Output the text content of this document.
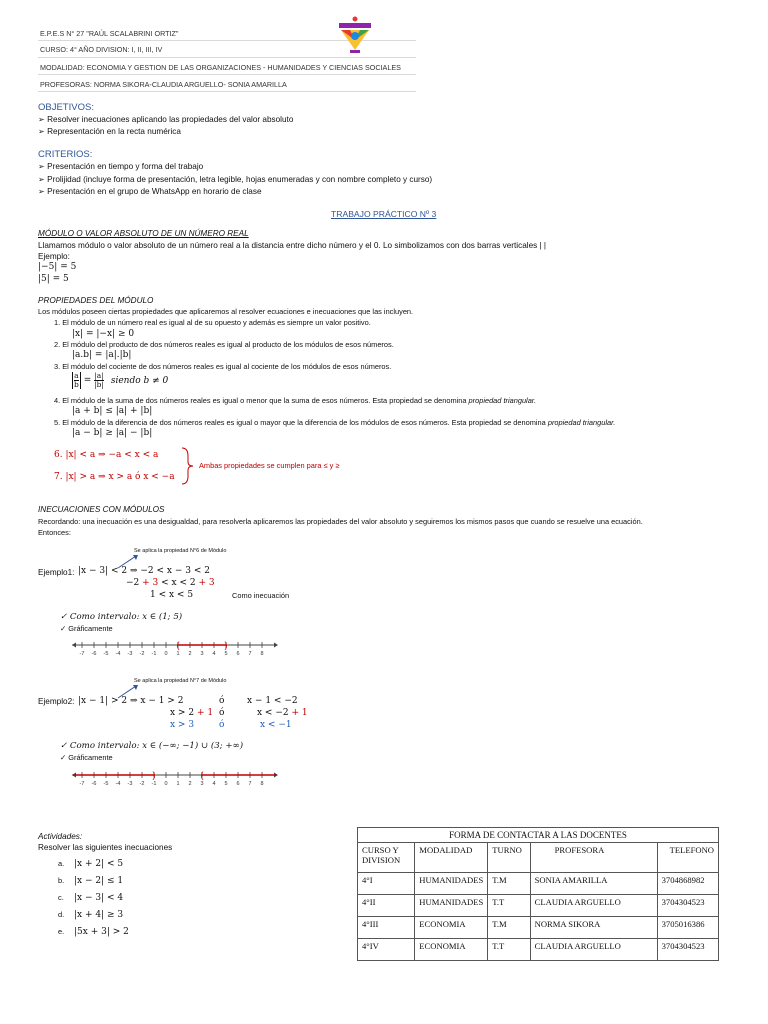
E.P.E.S N° 27 "RAÚL SCALABRINI ORTIZ"
CURSO: 4° AÑO DIVISION: I, II, III, IV
MODALIDAD: ECONOMIA Y GESTION DE LAS ORGANIZACIONES - HUMANIDADES Y CIENCIAS SOCIALES
PROFESORAS: NORMA SIKORA-CLAUDIA ARGUELLO- SONIA AMARILLA
OBJETIVOS:
➢ Resolver inecuaciones aplicando las propiedades del valor absoluto
➢ Representación en la recta numérica
CRITERIOS:
➢ Presentación en tiempo y forma del trabajo
➢ Prolijidad (incluye forma de presentación, letra legible, hojas enumeradas y con nombre completo y curso)
➢ Presentación en el grupo de WhatsApp en horario de clase
TRABAJO PRÁCTICO Nº 3
MÓDULO O VALOR ABSOLUTO DE UN NÚMERO REAL
Llamamos módulo o valor absoluto de un número real a la distancia entre dicho número y el 0. Lo simbolizamos con dos barras verticales | |
Ejemplo:
|−5| = 5
|5| = 5
PROPIEDADES DEL MÓDULO
Los módulos poseen ciertas propiedades que aplicaremos al resolver ecuaciones e inecuaciones que las incluyen.
1. El módulo de un número real es igual al de su opuesto y además es siempre un valor positivo.
|x| = |−x| ≥ 0
2. El módulo del producto de dos números reales es igual al producto de los módulos de esos números.
|a.b| = |a|.|b|
3. El módulo del cociente de dos números reales es igual al cociente de los módulos de esos números.
$\frac{a}{b} = \frac{|a|}{|b|}$ siendo b ≠ 0
4. El módulo de la suma de dos números reales es igual o menor que la suma de esos números. Esta propiedad se denomina propiedad triangular.
|a + b| ≤ |a| + |b|
5. El módulo de la diferencia de dos números reales es igual o mayor que la diferencia de los módulos de esos números. Esta propiedad se denomina propiedad triangular.
|a − b| ≥ |a| − |b|
6. |x| < a ⇒ −a < x < a
7. |x| > a ⇒ x > a ó x < −a
Ambas propiedades se cumplen para ≤ y ≥
INECUACIONES CON MÓDULOS
Recordando: una inecuación es una desigualdad, para resolverla aplicaremos las propiedades del valor absoluto y seguiremos los mismos pasos que cuando se resuelve una ecuación.
Entonces:
Se aplica la propiedad N°6 de Módulo
Ejemplo1: |x − 3| < 2 ⇒ −2 < x − 3 < 2
−2 + 3 < x < 2 + 3
1 < x < 5	Como inecuación
✓ Como intervalo: x ∈ (1; 5)
✓ Gráficamente
-7 -6 -5 -4 -3 -2 -1 0 1 2 3 4 5 6 7 8
(	)
Se aplica la propiedad N°7 de Módulo
Ejemplo2: |x − 1| > 2 ⇒ x − 1 > 2	ó	x − 1 < −2
x > 2 + 1 ó	x < −2 + 1
x > 3	ó	x < −1
✓ Como intervalo: x ∈ (−∞; −1) ∪ (3; +∞)
✓ Gráficamente
-7 -6 -5 -4 -3 -2 -1 0 1 2 3 4 5 6 7 8
)	(
Actividades:
Resolver las siguientes inecuaciones
a. |x + 2| < 5
b. |x − 2| ≤ 1
c. |x − 3| < 4
d. |x + 4| ≥ 3
e. |5x + 3| > 2
FORMA DE CONTACTAR A LAS DOCENTES				
CURSO Y DIVISION	MODALIDAD	TURNO	PROFESORA	TELEFONO
4°I	HUMANIDADES	T.M	SONIA AMARILLA	3704868982
4°II	HUMANIDADES	T.T	CLAUDIA ARGUELLO	3704304523
4°III	ECONOMIA	T.M	NORMA SIKORA	3705016386
4°IV	ECONOMIA	T.T	CLAUDIA ARGUELLO	3704304523
